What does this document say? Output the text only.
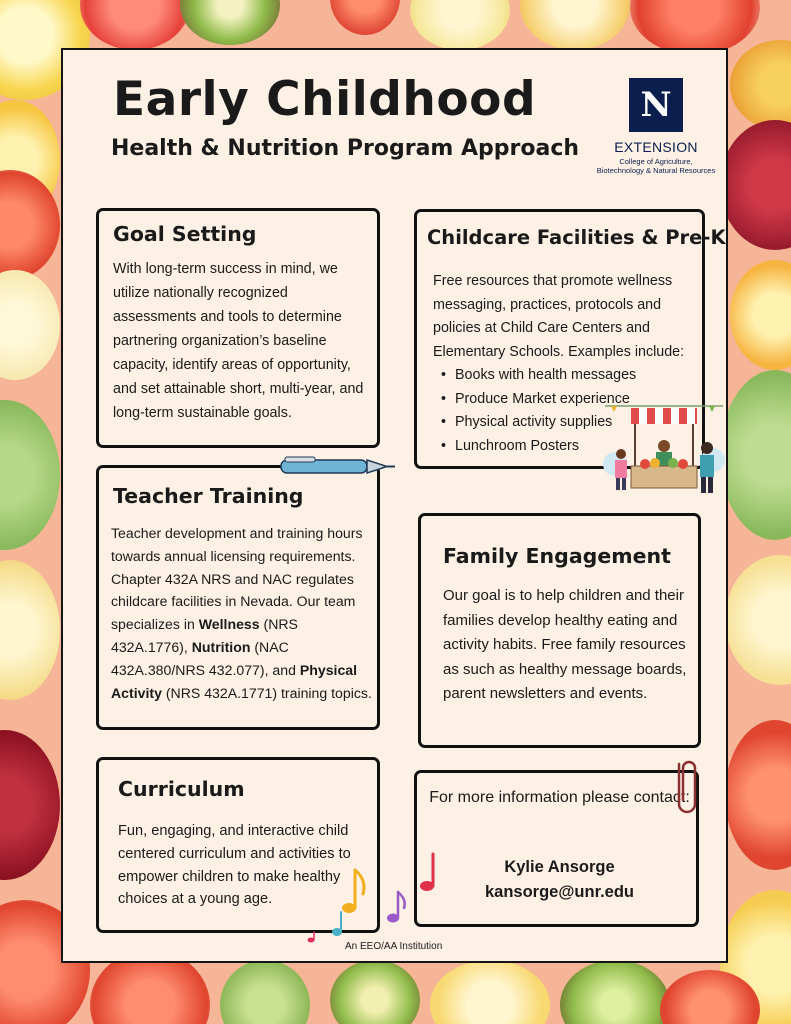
Early Childhood
Health & Nutrition Program Approach
N
EXTENSION
College of Agriculture,
Biotechnology & Natural Resources
Goal Setting

With long-term success in mind, we utilize nationally recognized assessments and tools to determine partnering organization’s baseline capacity, identify areas of opportunity, and set attainable short, multi-year, and long-term sustainable goals.

Childcare Facilities & Pre-K
Free resources that promote wellness messaging, practices, protocols and policies at Child Care Centers and Elementary Schools. Examples include:
• Books with health messages
• Produce Market experience
• Physical activity supplies
• Lunchroom Posters
Teacher Training

Teacher development and training hours towards annual licensing requirements. Chapter 432A NRS and NAC regulates childcare facilities in Nevada. Our team specializes in Wellness (NRS 432A.1776), Nutrition (NAC 432A.380/NRS 432.077), and Physical Activity (NRS 432A.1771) training topics.

Family Engagement

Our goal is to help children and their families develop healthy eating and activity habits. Free family resources as such as healthy message boards, parent newsletters and events.

Curriculum

Fun, engaging, and interactive child centered curriculum and activities to empower children to make healthy choices at a young age.

For more information please contact:
Kylie Ansorge
kansorge@unr.edu
An EEO/AA Institution
